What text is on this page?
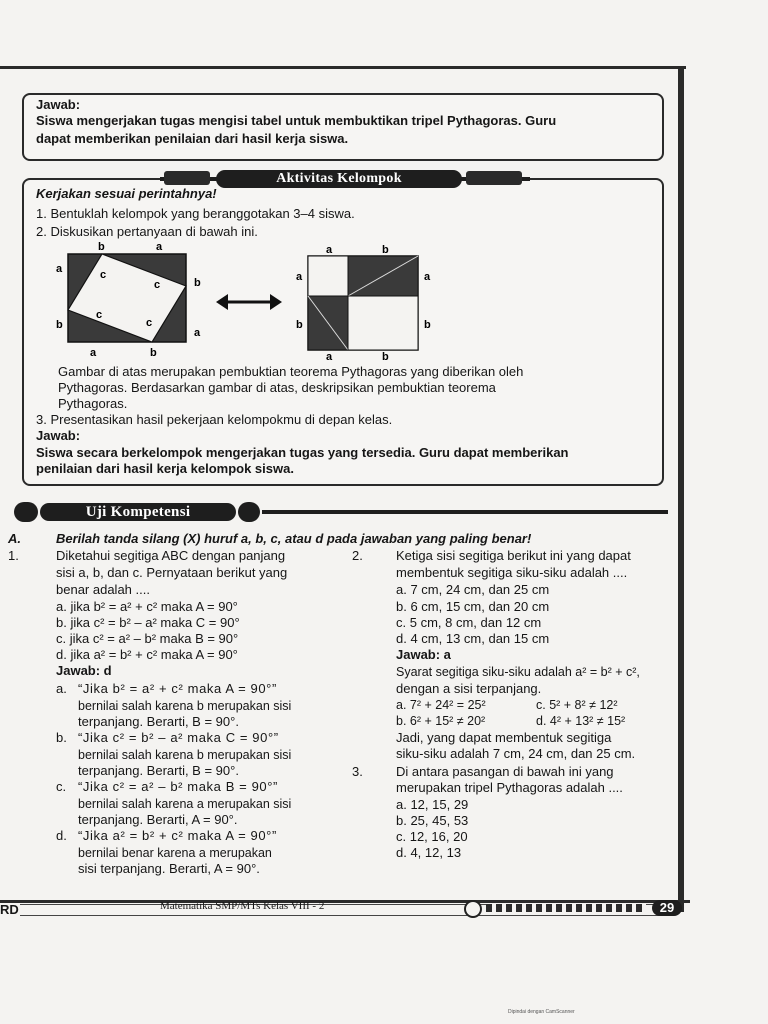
Jawab:
Siswa mengerjakan tugas mengisi tabel untuk membuktikan tripel Pythagoras. Guru
dapat memberikan penilaian dari hasil kerja siswa.
Aktivitas Kelompok
Kerjakan sesuai perintahnya!
1. Bentuklah kelompok yang beranggotakan 3–4 siswa.
2. Diskusikan pertanyaan di bawah ini.
b	a
a
b
b
a
a	b
c
c
c
c
a	b
a
b
a
b
a	b
Gambar di atas merupakan pembuktian teorema Pythagoras yang diberikan oleh
Pythagoras. Berdasarkan gambar di atas, deskripsikan pembuktian teorema
Pythagoras.
3. Presentasikan hasil pekerjaan kelompokmu di depan kelas.
Jawab:
Siswa secara berkelompok mengerjakan tugas yang tersedia. Guru dapat memberikan
penilaian dari hasil kerja kelompok siswa.
Uji Kompetensi
A.	Berilah tanda silang (X) huruf a, b, c, atau d pada jawaban yang paling benar!
1.	Diketahui segitiga ABC dengan panjang
sisi a, b, dan c. Pernyataan berikut yang
benar adalah ....
a. jika b² = a² + c² maka A = 90°
b. jika c² = b² – a² maka C = 90°
c. jika c² = a² – b² maka B = 90°
d. jika a² = b² + c² maka A = 90°
Jawab: d
a. “Jika b² = a² + c² maka A = 90°”
bernilai salah karena b merupakan sisi
terpanjang. Berarti, B = 90°.
b. “Jika c² = b² – a² maka C = 90°”
bernilai salah karena b merupakan sisi
terpanjang. Berarti, B = 90°.
c. “Jika c² = a² – b² maka B = 90°”
bernilai salah karena a merupakan sisi
terpanjang. Berarti, A = 90°.
d. “Jika a² = b² + c² maka A = 90°”
bernilai benar karena a merupakan
sisi terpanjang. Berarti, A = 90°.
2.	Ketiga sisi segitiga berikut ini yang dapat
membentuk segitiga siku-siku adalah ....
a. 7 cm, 24 cm, dan 25 cm
b. 6 cm, 15 cm, dan 20 cm
c. 5 cm, 8 cm, dan 12 cm
d. 4 cm, 13 cm, dan 15 cm
Jawab: a
Syarat segitiga siku-siku adalah a² = b² + c²,
dengan a sisi terpanjang.
a. 7² + 24² = 25²	c. 5² + 8² ≠ 12²
b. 6² + 15² ≠ 20²	d. 4² + 13² ≠ 15²
Jadi, yang dapat membentuk segitiga
siku-siku adalah 7 cm, 24 cm, dan 25 cm.
3.	Di antara pasangan di bawah ini yang
merupakan tripel Pythagoras adalah ....
a. 12, 15, 29
b. 25, 45, 53
c. 12, 16, 20
d. 4, 12, 13
RD	Matematika SMP/MTs Kelas VIII - 2	29
Dipindai dengan CamScanner
